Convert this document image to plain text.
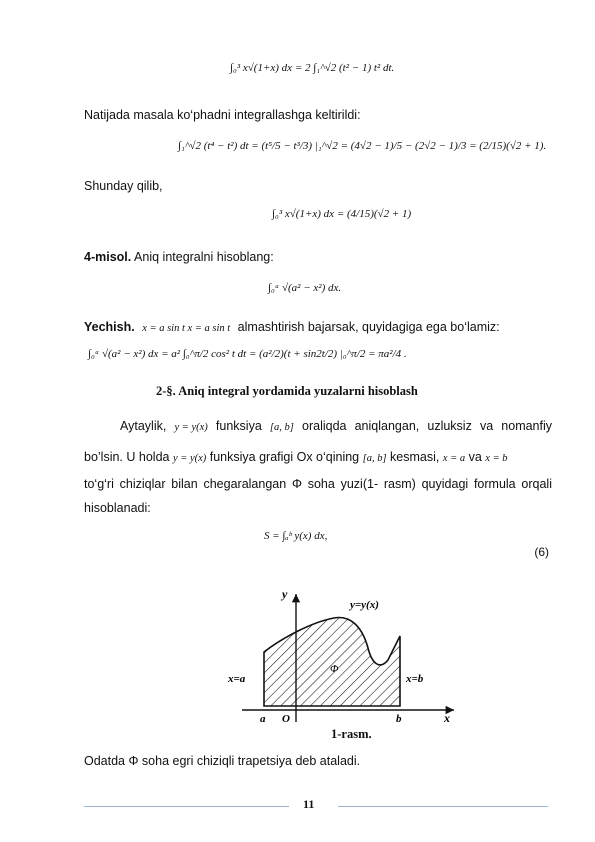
∫₀³ x√(1+x) dx = 2 ∫₁^√2 (t² − 1) t² dt.
Natijada masala ko‘phadni integrallashga keltirildi:
∫₁^√2 (t⁴ − t²) dt = (t⁵/5 − t³/3) |₁^√2 = (4√2 − 1)/5 − (2√2 − 1)/3 = (2/15)(√2 + 1).
Shunday qilib,
∫₀³ x√(1+x) dx = (4/15)(√2 + 1)
4-misol. Aniq integralni hisoblang:
∫₀ᵃ √(a² − x²) dx.
Yechish. x = a sin t x = a sin t almashtirish bajarsak, quyidagiga ega bo‘lamiz:
∫₀ᵃ √(a² − x²) dx = a² ∫₀^π/2 cos² t dt = (a²/2)(t + sin2t/2) |₀^π/2 = πa²/4 .
2-§. Aniq integral yordamida yuzalarni hisoblash
Aytaylik, y = y(x) funksiya [a, b] oraliqda aniqlangan, uzluksiz va nomanfiy
bo’lsin. U holda y = y(x) funksiya grafigi Ox o‘qining [a, b] kesmasi, x = a va x = b
to‘g‘ri chiziqlar bilan chegaralangan Φ soha yuzi(1- rasm) quyidagi formula orqali
hisoblanadi:
S = ∫ₐᵇ y(x) dx,
(6)
y
x
y=y(x)
Φ
x=a	x=b
a O	b
1-rasm.
Odatda Φ soha egri chiziqli trapetsiya deb ataladi.
11
